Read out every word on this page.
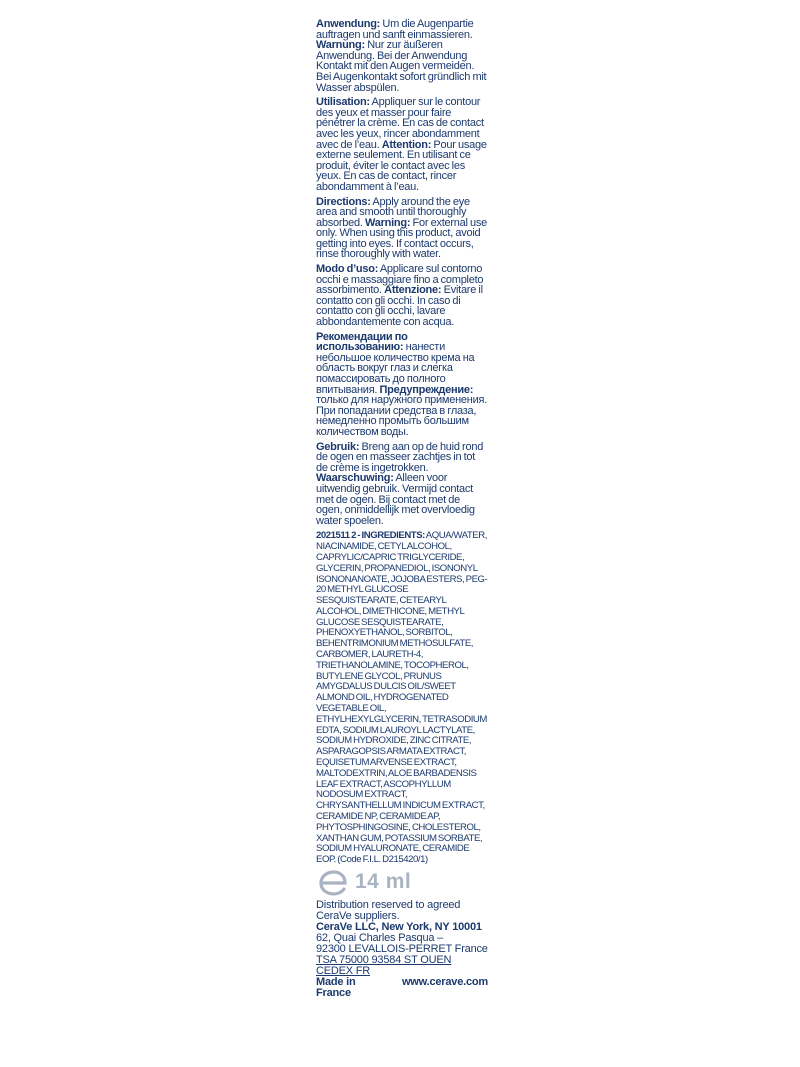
Anwendung: Um die Augenpartie auftragen und sanft einmassieren. Warnung: Nur zur äußeren Anwendung. Bei der Anwendung Kontakt mit den Augen vermeiden. Bei Augenkontakt sofort gründlich mit Wasser abspülen.

Utilisation: Appliquer sur le contour des yeux et masser pour faire pénétrer la crème. En cas de contact avec les yeux, rincer abondamment avec de l’eau. Attention: Pour usage externe seulement. En utilisant ce produit, éviter le contact avec les yeux. En cas de contact, rincer abondamment à l’eau.

Directions: Apply around the eye area and smooth until thoroughly absorbed. Warning: For external use only. When using this product, avoid getting into eyes. If contact occurs, rinse thoroughly with water.

Modo d’uso: Applicare sul contorno occhi e massaggiare fino a completo assorbimento. Attenzione: Evitare il contatto con gli occhi. In caso di contatto con gli occhi, lavare abbondantemente con acqua.

Рекомендации по использованию: нанести небольшое количество крема на область вокруг глаз и слегка помассировать до полного впитывания. Предупреждение: только для наружного применения. При попадании средства в глаза, немедленно промыть большим количеством воды.

Gebruik: Breng aan op de huid rond de ogen en masseer zachtjes in tot de crème is ingetrokken. Waarschuwing: Alleen voor uitwendig gebruik. Vermijd contact met de ogen. Bij contact met de ogen, onmiddellijk met overvloedig water spoelen.

2021511 2 - INGREDIENTS: AQUA/WATER, NIACINAMIDE, CETYL ALCOHOL, CAPRYLIC/CAPRIC TRIGLYCERIDE, GLYCERIN, PROPANEDIOL, ISONONYL ISONONANOATE, JOJOBA ESTERS, PEG-20 METHYL GLUCOSE SESQUISTEARATE, CETEARYL ALCOHOL, DIMETHICONE, METHYL GLUCOSE SESQUISTEARATE, PHENOXYETHANOL, SORBITOL, BEHENTRIMONIUM METHOSULFATE, CARBOMER, LAURETH-4, TRIETHANOLAMINE, TOCOPHEROL, BUTYLENE GLYCOL, PRUNUS AMYGDALUS DULCIS OIL/SWEET ALMOND OIL, HYDROGENATED VEGETABLE OIL, ETHYLHEXYLGLYCERIN, TETRASODIUM EDTA, SODIUM LAUROYL LACTYLATE, SODIUM HYDROXIDE, ZINC CITRATE, ASPARAGOPSIS ARMATA EXTRACT, EQUISETUM ARVENSE EXTRACT, MALTODEXTRIN, ALOE BARBADENSIS LEAF EXTRACT, ASCOPHYLLUM NODOSUM EXTRACT, CHRYSANTHELLUM INDICUM EXTRACT, CERAMIDE NP, CERAMIDE AP, PHYTOSPHINGOSINE, CHOLESTEROL, XANTHAN GUM, POTASSIUM SORBATE, SODIUM HYALURONATE, CERAMIDE EOP. (Code F.I.L. D215420/1)

14 ml
Distribution reserved to agreed CeraVe suppliers.
CeraVe LLC, New York, NY 10001
62, Quai Charles Pasqua –
92300 LEVALLOIS-PERRET France
TSA 75000 93584 ST OUEN CEDEX FR
Made in France
www.cerave.com
